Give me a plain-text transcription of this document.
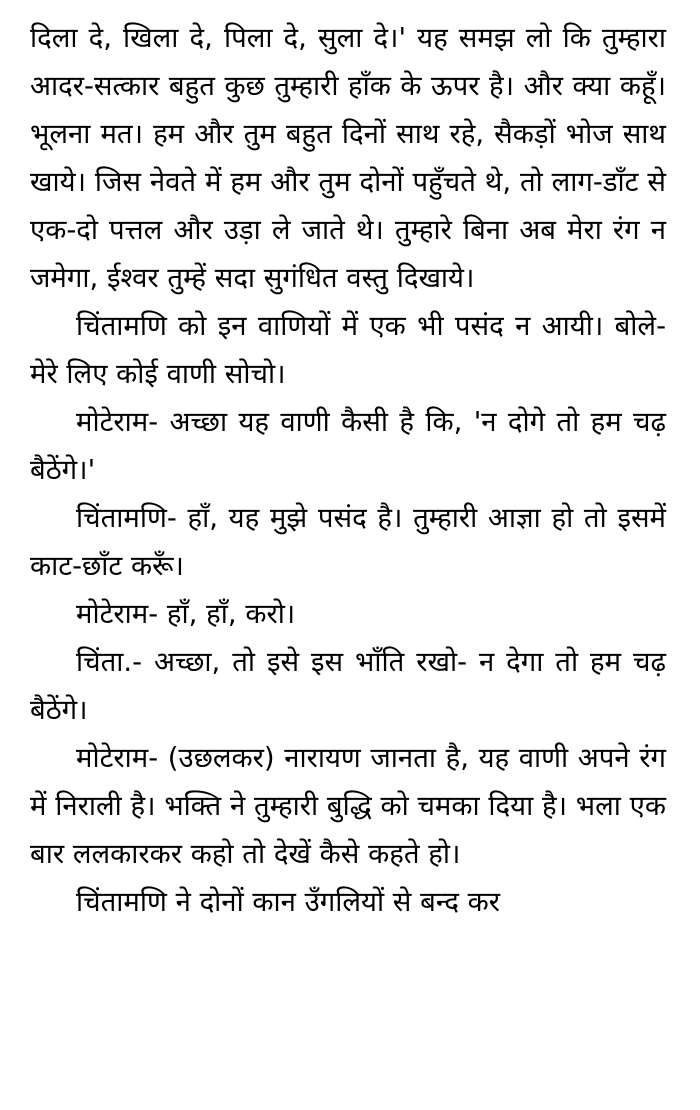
दिला दे, खिला दे, पिला दे, सुला दे।' यह समझ लो कि तुम्हारा आदर-सत्कार बहुत कुछ तुम्हारी हाँक के ऊपर है। और क्या कहूँ। भूलना मत। हम और तुम बहुत दिनों साथ रहे, सैकड़ों भोज साथ खाये। जिस नेवते में हम और तुम दोनों पहुँचते थे, तो लाग-डाँट से एक-दो पत्तल और उड़ा ले जाते थे। तुम्हारे बिना अब मेरा रंग न जमेगा, ईश्वर तुम्हें सदा सुगंधित वस्तु दिखाये।

चिंतामणि को इन वाणियों में एक भी पसंद न आयी। बोले- मेरे लिए कोई वाणी सोचो।

मोटेराम- अच्छा यह वाणी कैसी है कि, 'न दोगे तो हम चढ़ बैठेंगे।'

चिंतामणि- हाँ, यह मुझे पसंद है। तुम्हारी आज्ञा हो तो इसमें काट-छाँट करूँ।

मोटेराम- हाँ, हाँ, करो।

चिंता.- अच्छा, तो इसे इस भाँति रखो- न देगा तो हम चढ़ बैठेंगे।

मोटेराम- (उछलकर) नारायण जानता है, यह वाणी अपने रंग में निराली है। भक्ति ने तुम्हारी बुद्धि को चमका दिया है। भला एक बार ललकारकर कहो तो देखें कैसे कहते हो।

चिंतामणि ने दोनों कान उँगलियों से बन्द कर
